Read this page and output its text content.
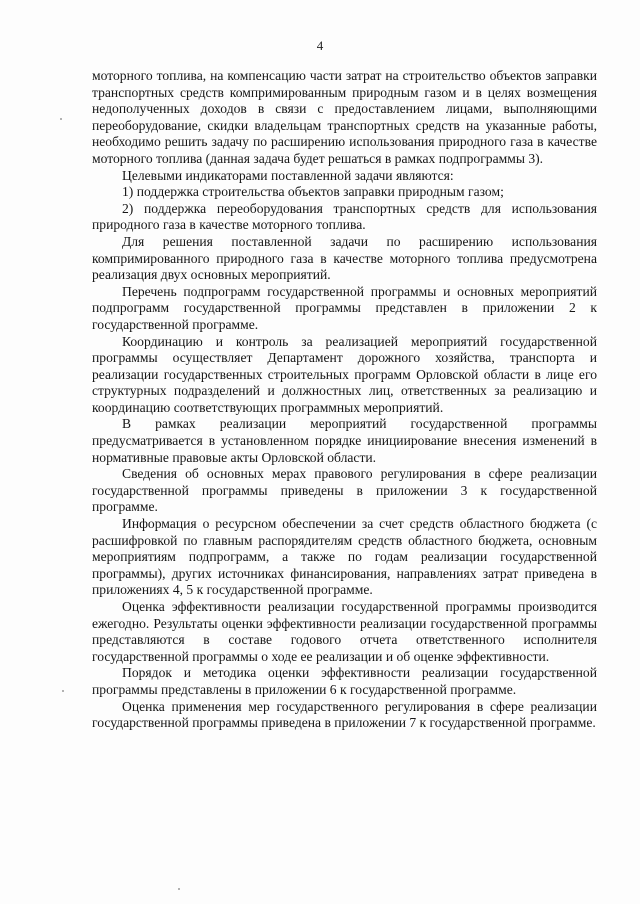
4

моторного топлива, на компенсацию части затрат на строительство объектов заправки транспортных средств компримированным природным газом и в целях возмещения недополученных доходов в связи с предоставлением лицами, выполняющими переоборудование, скидки владельцам транспортных средств на указанные работы, необходимо решить задачу по расширению использования природного газа в качестве моторного топлива (данная задача будет решаться в рамках подпрограммы 3).

Целевыми индикаторами поставленной задачи являются:

1) поддержка строительства объектов заправки природным газом;

2) поддержка переоборудования транспортных средств для использования природного газа в качестве моторного топлива.

Для решения поставленной задачи по расширению использования компримированного природного газа в качестве моторного топлива предусмотрена реализация двух основных мероприятий.

Перечень подпрограмм государственной программы и основных мероприятий подпрограмм государственной программы представлен в приложении 2 к государственной программе.

Координацию и контроль за реализацией мероприятий государственной программы осуществляет Департамент дорожного хозяйства, транспорта и реализации государственных строительных программ Орловской области в лице его структурных подразделений и должностных лиц, ответственных за реализацию и координацию соответствующих программных мероприятий.

В рамках реализации мероприятий государственной программы предусматривается в установленном порядке инициирование внесения изменений в нормативные правовые акты Орловской области.

Сведения об основных мерах правового регулирования в сфере реализации государственной программы приведены в приложении 3 к государственной программе.

Информация о ресурсном обеспечении за счет средств областного бюджета (с расшифровкой по главным распорядителям средств областного бюджета, основным мероприятиям подпрограмм, а также по годам реализации государственной программы), других источниках финансирования, направлениях затрат приведена в приложениях 4, 5 к государственной программе.

Оценка эффективности реализации государственной программы производится ежегодно. Результаты оценки эффективности реализации государственной программы представляются в составе годового отчета ответственного исполнителя государственной программы о ходе ее реализации и об оценке эффективности.

Порядок и методика оценки эффективности реализации государственной программы представлены в приложении 6 к государственной программе.

Оценка применения мер государственного регулирования в сфере реализации государственной программы приведена в приложении 7 к государственной программе.
